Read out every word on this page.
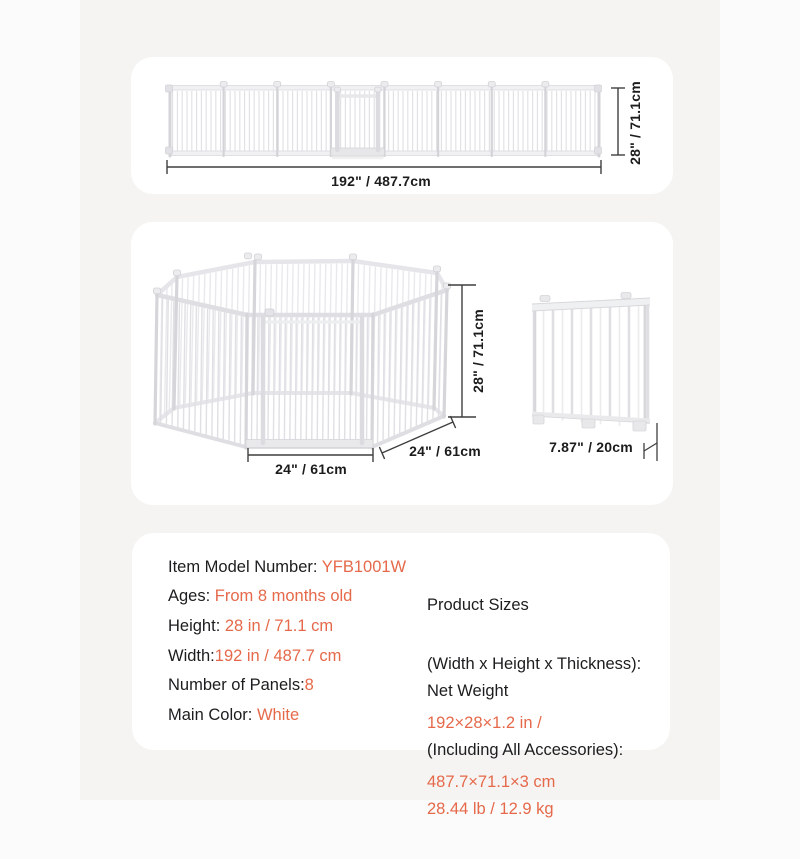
192" / 487.7cm
28" / 71.1cm
24" / 61cm
24" / 61cm
28" / 71.1cm
7.87" / 20cm
Item Model Number: YFB1001W
Ages: From 8 months old
Height: 28 in / 71.1 cm
Width:192 in / 487.7 cm
Number of Panels:8
Main Color: White

Product Sizes

(Width x Height x Thickness):

192×28×1.2 in /

487.7×71.1×3 cm

Net Weight

(Including All Accessories):

28.44 lb / 12.9 kg
